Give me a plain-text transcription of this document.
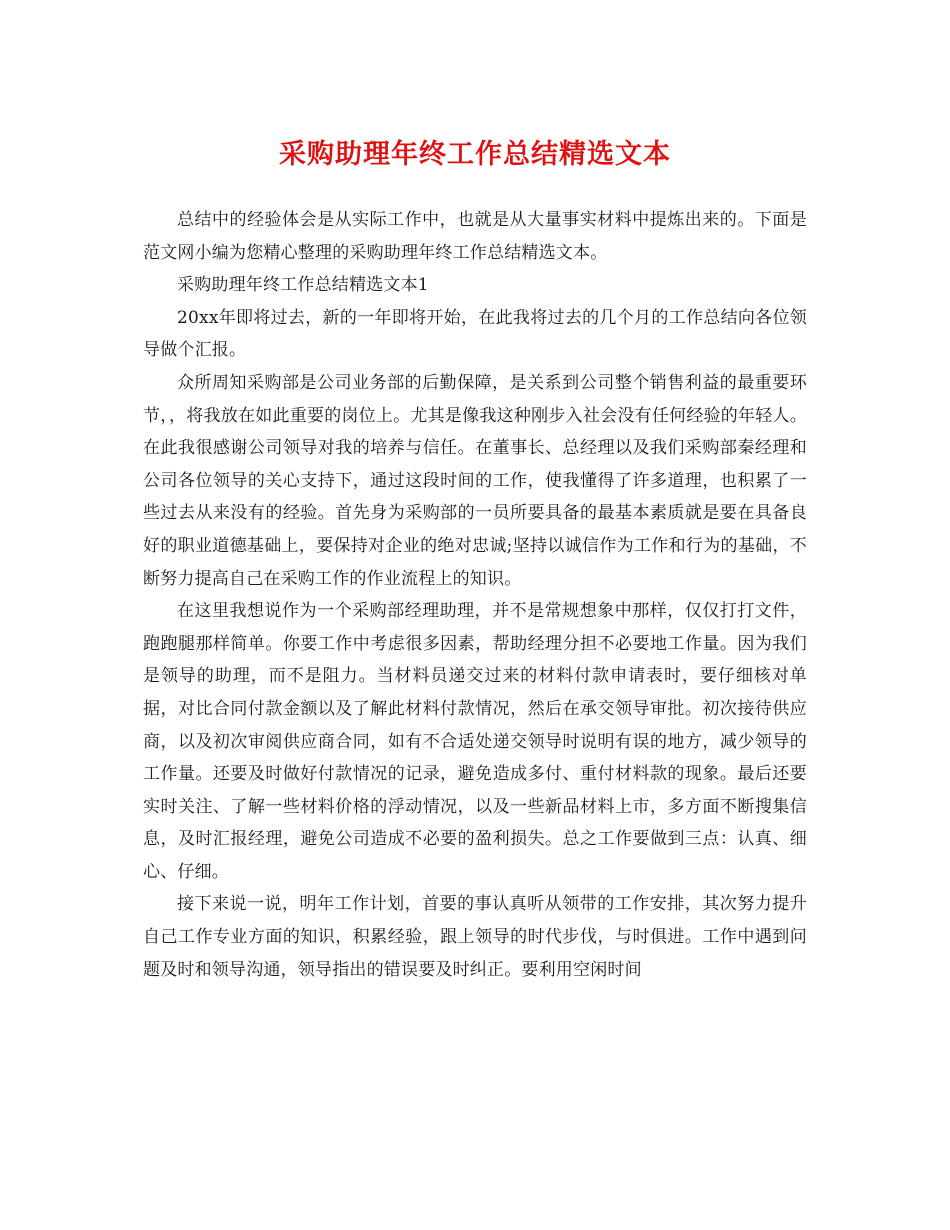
采购助理年终工作总结精选文本

总结中的经验体会是从实际工作中，也就是从大量事实材料中提炼出来的。下面是范文网小编为您精心整理的采购助理年终工作总结精选文本。

采购助理年终工作总结精选文本1

20xx年即将过去，新的一年即将开始，在此我将过去的几个月的工作总结向各位领导做个汇报。

众所周知采购部是公司业务部的后勤保障，是关系到公司整个销售利益的最重要环节，，将我放在如此重要的岗位上。尤其是像我这种刚步入社会没有任何经验的年轻人。在此我很感谢公司领导对我的培养与信任。在董事长、总经理以及我们采购部秦经理和公司各位领导的关心支持下，通过这段时间的工作，使我懂得了许多道理，也积累了一些过去从来没有的经验。首先身为采购部的一员所要具备的最基本素质就是要在具备良好的职业道德基础上，要保持对企业的绝对忠诚;坚持以诚信作为工作和行为的基础，不断努力提高自己在采购工作的作业流程上的知识。

在这里我想说作为一个采购部经理助理，并不是常规想象中那样，仅仅打打文件，跑跑腿那样简单。你要工作中考虑很多因素，帮助经理分担不必要地工作量。因为我们是领导的助理，而不是阻力。当材料员递交过来的材料付款申请表时，要仔细核对单据，对比合同付款金额以及了解此材料付款情况，然后在承交领导审批。初次接待供应商，以及初次审阅供应商合同，如有不合适处递交领导时说明有误的地方，减少领导的工作量。还要及时做好付款情况的记录，避免造成多付、重付材料款的现象。最后还要实时关注、了解一些材料价格的浮动情况，以及一些新品材料上市，多方面不断搜集信息，及时汇报经理，避免公司造成不必要的盈利损失。总之工作要做到三点：认真、细心、仔细。

接下来说一说，明年工作计划，首要的事认真听从领带的工作安排，其次努力提升自己工作专业方面的知识，积累经验，跟上领导的时代步伐，与时俱进。工作中遇到问题及时和领导沟通，领导指出的错误要及时纠正。要利用空闲时间
